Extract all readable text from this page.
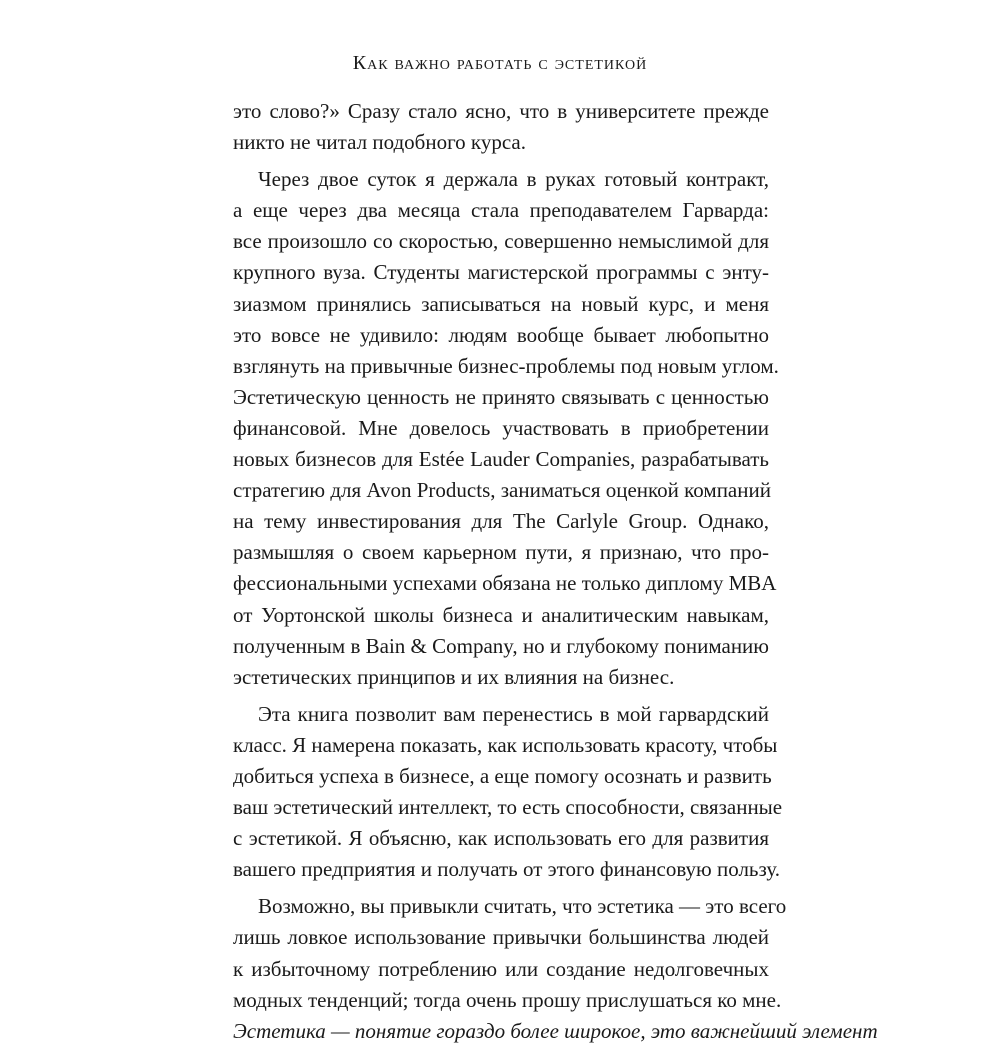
Как важно работать с эстетикой
это слово?» Сразу стало ясно, что в университете прежде
никто не читал подобного курса.
Через двое суток я держала в руках готовый контракт,
а еще через два месяца стала преподавателем Гарварда:
все произошло со скоростью, совершенно немыслимой для
крупного вуза. Студенты магистерской программы с энту-
зиазмом принялись записываться на новый курс, и меня
это вовсе не удивило: людям вообще бывает любопытно
взглянуть на привычные бизнес-проблемы под новым углом.
Эстетическую ценность не принято связывать с ценностью
финансовой. Мне довелось участвовать в приобретении
новых бизнесов для Estée Lauder Companies, разрабатывать
стратегию для Avon Products, заниматься оценкой компаний
на тему инвестирования для The Carlyle Group. Однако,
размышляя о своем карьерном пути, я признаю, что про-
фессиональными успехами обязана не только диплому MBA
от Уортонской школы бизнеса и аналитическим навыкам,
полученным в Bain & Company, но и глубокому пониманию
эстетических принципов и их влияния на бизнес.
Эта книга позволит вам перенестись в мой гарвардский
класс. Я намерена показать, как использовать красоту, чтобы
добиться успеха в бизнесе, а еще помогу осознать и развить
ваш эстетический интеллект, то есть способности, связанные
с эстетикой. Я объясню, как использовать его для развития
вашего предприятия и получать от этого финансовую пользу.
Возможно, вы привыкли считать, что эстетика — это всего
лишь ловкое использование привычки большинства людей
к избыточному потреблению или создание недолговечных
модных тенденций; тогда очень прошу прислушаться ко мне.
Эстетика — понятие гораздо более широкое, это важнейший элемент
